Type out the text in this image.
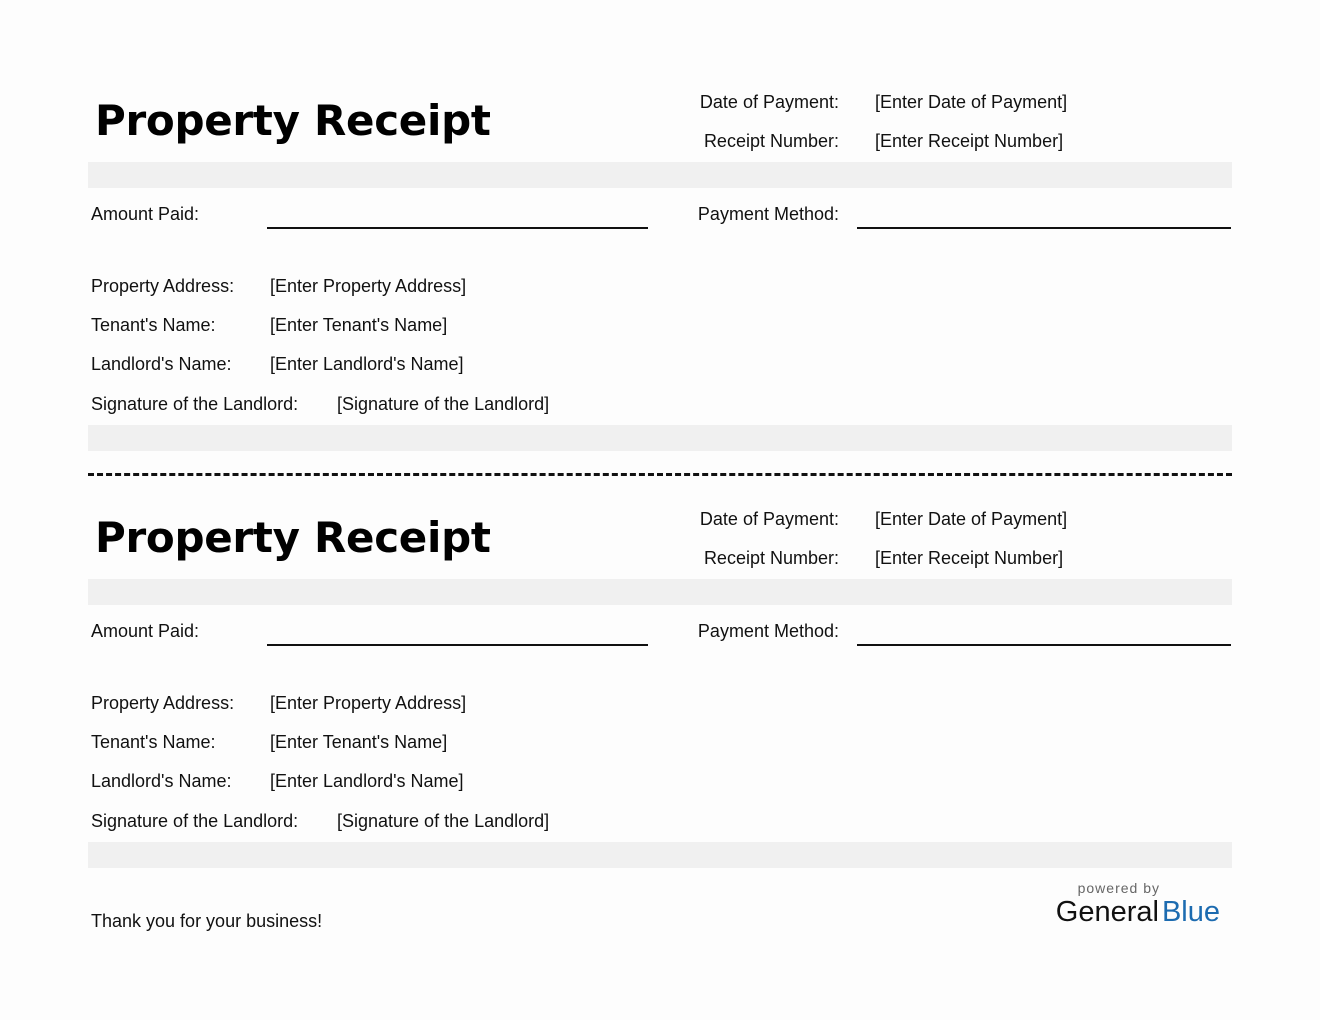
Property Receipt	Date of Payment: [Enter Date of Payment]
Receipt Number: [Enter Receipt Number]
Amount Paid:	Payment Method:
Property Address: [Enter Property Address]
Tenant's Name:	[Enter Tenant's Name]
Landlord's Name: [Enter Landlord's Name]
Signature of the Landlord: [Signature of the Landlord]
Property Receipt	Date of Payment: [Enter Date of Payment]
Receipt Number: [Enter Receipt Number]
Amount Paid:	Payment Method:
Property Address: [Enter Property Address]
Tenant's Name:	[Enter Tenant's Name]
Landlord's Name: [Enter Landlord's Name]
Signature of the Landlord: [Signature of the Landlord]
Thank you for your business!
powered by
General Blue
